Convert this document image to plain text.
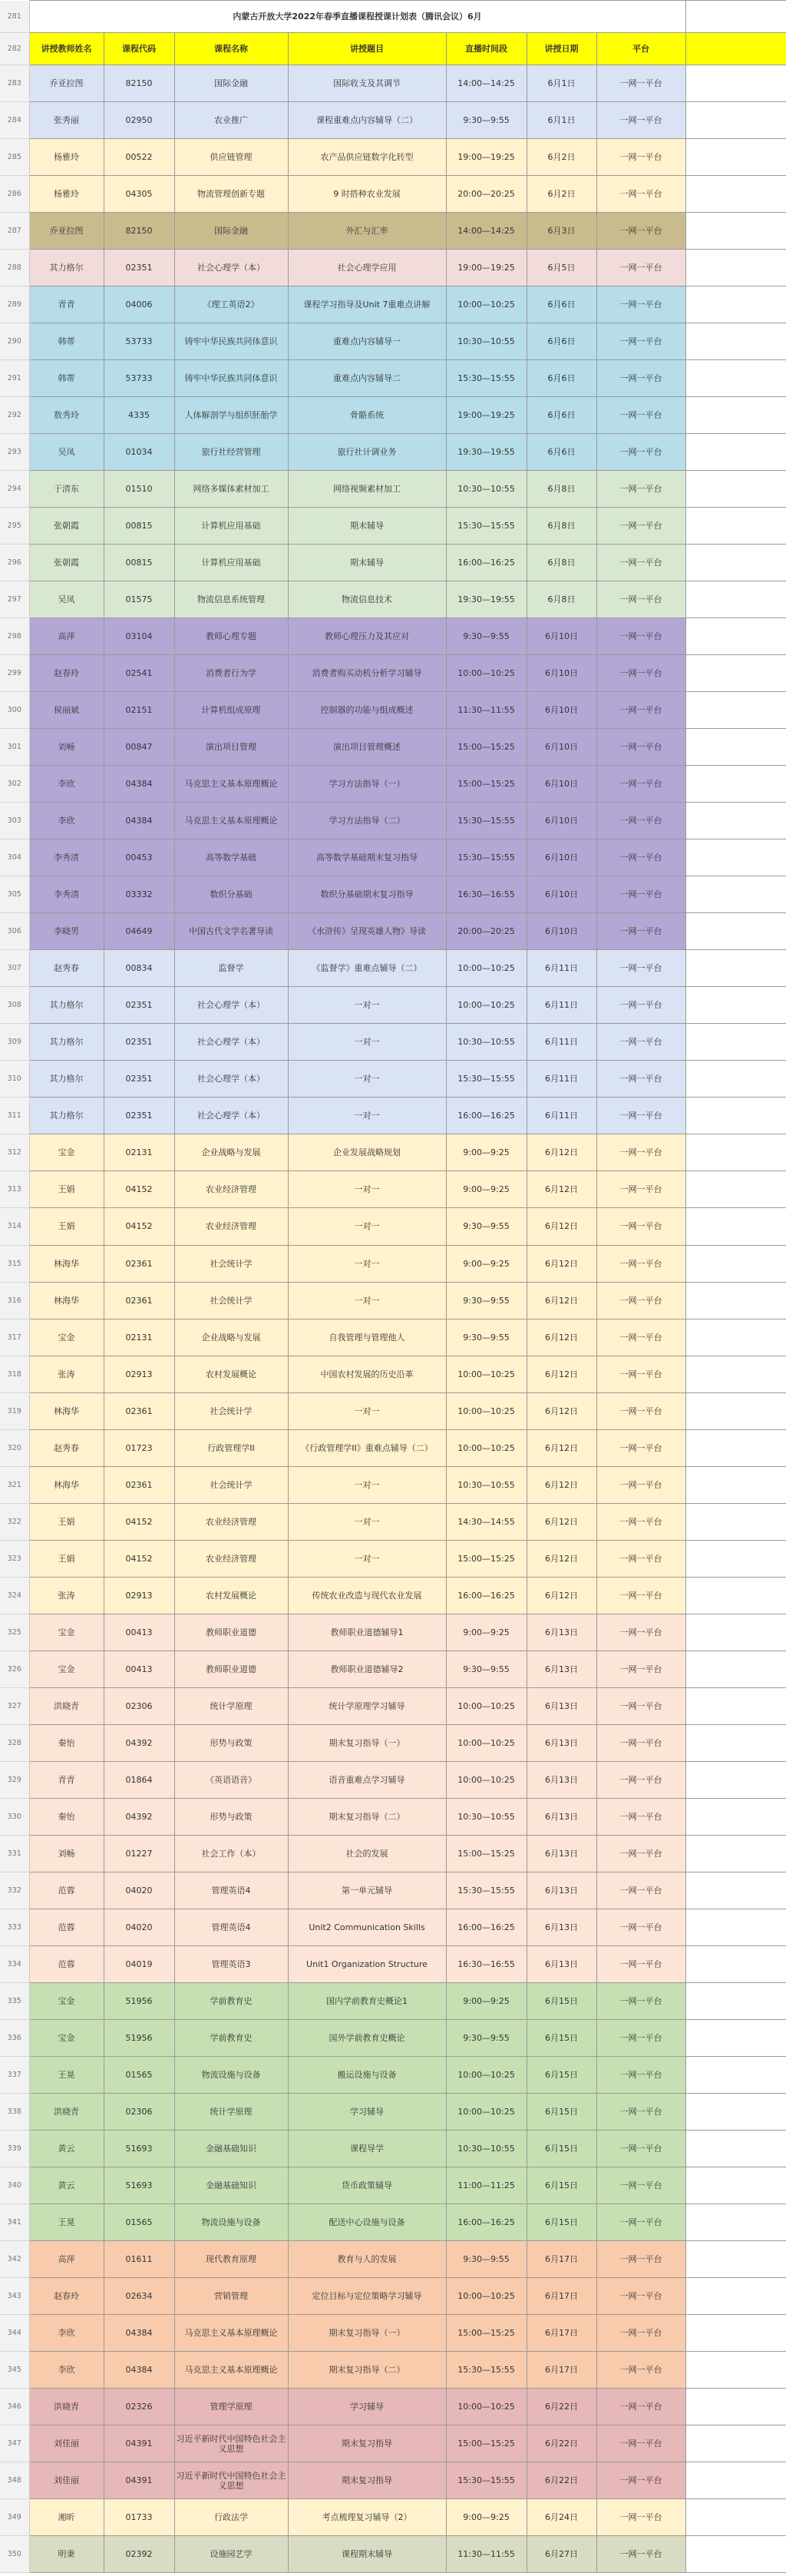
281	内蒙古开放大学2022年春季直播课程授课计划表（腾讯会议）6月							
282	讲授教师姓名	课程代码	课程名称	讲授题目	直播时间段	讲授日期	平台	
283	乔亚拉图	82150	国际金融	国际收支及其调节	14:00—14:25	6月1日	一网一平台	
284	张秀丽	02950	农业推广	课程重难点内容辅导（二）	9:30—9:55	6月1日	一网一平台	
285	杨雅玲	00522	供应链管理	农产品供应链数字化转型	19:00—19:25	6月2日	一网一平台	
286	杨雅玲	04305	物流管理创新专题	9 时搭种农业发展	20:00—20:25	6月2日	一网一平台	
287	乔亚拉图	82150	国际金融	外汇与汇率	14:00—14:25	6月3日	一网一平台	
288	其力格尔	02351	社会心理学（本）	社会心理学应用	19:00—19:25	6月5日	一网一平台	
289	青青	04006	《理工英语2》	课程学习指导及Unit 7重难点讲解	10:00—10:25	6月6日	一网一平台	
290	韩蒂	53733	铸牢中华民族共同体意识	重难点内容辅导一	10:30—10:55	6月6日	一网一平台	
291	韩蒂	53733	铸牢中华民族共同体意识	重难点内容辅导二	15:30—15:55	6月6日	一网一平台	
292	敖秀玲	4335	人体解剖学与组织胚胎学	骨骼系统	19:00—19:25	6月6日	一网一平台	
293	吴凤	01034	旅行社经营管理	旅行社计调业务	19:30—19:55	6月6日	一网一平台	
294	于清东	01510	网络多媒体素材加工	网络视频素材加工	10:30—10:55	6月8日	一网一平台	
295	张朝霞	00815	计算机应用基础	期末辅导	15:30—15:55	6月8日	一网一平台	
296	张朝霞	00815	计算机应用基础	期末辅导	16:00—16:25	6月8日	一网一平台	
297	吴凤	01575	物流信息系统管理	物流信息技术	19:30—19:55	6月8日	一网一平台	
298	高萍	03104	教师心理专题	教师心理压力及其应对	9:30—9:55	6月10日	一网一平台	
299	赵春玲	02541	消费者行为学	消费者购买动机分析学习辅导	10:00—10:25	6月10日	一网一平台	
300	侯丽斌	02151	计算机组成原理	控制器的功能与组成概述	11:30—11:55	6月10日	一网一平台	
301	刘畅	00847	演出项目管理	演出项目管理概述	15:00—15:25	6月10日	一网一平台	
302	李欣	04384	马克思主义基本原理概论	学习方法指导（一）	15:00—15:25	6月10日	一网一平台	
303	李欣	04384	马克思主义基本原理概论	学习方法指导（二）	15:30—15:55	6月10日	一网一平台	
304	李秀清	00453	高等数学基础	高等数学基础期末复习指导	15:30—15:55	6月10日	一网一平台	
305	李秀清	03332	数织分基础	数织分基础期末复习指导	16:30—16:55	6月10日	一网一平台	
306	李晓男	04649	中国古代文学名著导读	《水浒传》呈现英雄人物》导读	20:00—20:25	6月10日	一网一平台	
307	赵秀春	00834	监督学	《监督学》重难点辅导（二）	10:00—10:25	6月11日	一网一平台	
308	其力格尔	02351	社会心理学（本）	一对一	10:00—10:25	6月11日	一网一平台	
309	其力格尔	02351	社会心理学（本）	一对一	10:30—10:55	6月11日	一网一平台	
310	其力格尔	02351	社会心理学（本）	一对一	15:30—15:55	6月11日	一网一平台	
311	其力格尔	02351	社会心理学（本）	一对一	16:00—16:25	6月11日	一网一平台	
312	宝金	02131	企业战略与发展	企业发展战略规划	9:00—9:25	6月12日	一网一平台	
313	王娟	04152	农业经济管理	一对一	9:00—9:25	6月12日	一网一平台	
314	王娟	04152	农业经济管理	一对一	9:30—9:55	6月12日	一网一平台	
315	林海华	02361	社会统计学	一对一	9:00—9:25	6月12日	一网一平台	
316	林海华	02361	社会统计学	一对一	9:30—9:55	6月12日	一网一平台	
317	宝金	02131	企业战略与发展	自我管理与管理他人	9:30—9:55	6月12日	一网一平台	
318	张涛	02913	农村发展概论	中国农村发展的历史沿革	10:00—10:25	6月12日	一网一平台	
319	林海华	02361	社会统计学	一对一	10:00—10:25	6月12日	一网一平台	
320	赵秀春	01723	行政管理学II	《行政管理学II》重难点辅导（二）	10:00—10:25	6月12日	一网一平台	
321	林海华	02361	社会统计学	一对一	10:30—10:55	6月12日	一网一平台	
322	王娟	04152	农业经济管理	一对一	14:30—14:55	6月12日	一网一平台	
323	王娟	04152	农业经济管理	一对一	15:00—15:25	6月12日	一网一平台	
324	张涛	02913	农村发展概论	传统农业改造与现代农业发展	16:00—16:25	6月12日	一网一平台	
325	宝金	00413	教师职业道德	教师职业道德辅导1	9:00—9:25	6月13日	一网一平台	
326	宝金	00413	教师职业道德	教师职业道德辅导2	9:30—9:55	6月13日	一网一平台	
327	洪晓青	02306	统计学原理	统计学原理学习辅导	10:00—10:25	6月13日	一网一平台	
328	秦怡	04392	形势与政策	期末复习指导（一）	10:00—10:25	6月13日	一网一平台	
329	青青	01864	《英语语音》	语音重难点学习辅导	10:00—10:25	6月13日	一网一平台	
330	秦怡	04392	形势与政策	期末复习指导（二）	10:30—10:55	6月13日	一网一平台	
331	刘畅	01227	社会工作（本）	社会的发展	15:00—15:25	6月13日	一网一平台	
332	范蓉	04020	管理英语4	第一单元辅导	15:30—15:55	6月13日	一网一平台	
333	范蓉	04020	管理英语4	Unit2 Communication Skills	16:00—16:25	6月13日	一网一平台	
334	范蓉	04019	管理英语3	Unit1 Organization Structure	16:30—16:55	6月13日	一网一平台	
335	宝金	51956	学前教育史	国内学前教育史概论1	9:00—9:25	6月15日	一网一平台	
336	宝金	51956	学前教育史	国外学前教育史概论	9:30—9:55	6月15日	一网一平台	
337	王晃	01565	物流设施与设备	搬运设施与设备	10:00—10:25	6月15日	一网一平台	
338	洪晓青	02306	统计学原理	学习辅导	10:00—10:25	6月15日	一网一平台	
339	黄云	51693	金融基础知识	课程导学	10:30—10:55	6月15日	一网一平台	
340	黄云	51693	金融基础知识	货币政策辅导	11:00—11:25	6月15日	一网一平台	
341	王晃	01565	物流设施与设备	配送中心设施与设备	16:00—16:25	6月15日	一网一平台	
342	高萍	01611	现代教育原理	教育与人的发展	9:30—9:55	6月17日	一网一平台	
343	赵春玲	02634	营销管理	定位目标与定位策略学习辅导	10:00—10:25	6月17日	一网一平台	
344	李欣	04384	马克思主义基本原理概论	期末复习指导（一）	15:00—15:25	6月17日	一网一平台	
345	李欣	04384	马克思主义基本原理概论	期末复习指导（二）	15:30—15:55	6月17日	一网一平台	
346	洪晓青	02326	管理学原理	学习辅导	10:00—10:25	6月22日	一网一平台	
347	刘佳丽	04391	习近平新时代中国特色社会主义思想	期末复习指导	15:00—15:25	6月22日	一网一平台	
348	刘佳丽	04391	习近平新时代中国特色社会主义思想	期末复习指导	15:30—15:55	6月22日	一网一平台	
349	湘昕	01733	行政法学	考点梳理复习辅导（2）	9:00—9:25	6月24日	一网一平台	
350	明秉	02392	设施园艺学	课程期末辅导	11:30—11:55	6月27日	一网一平台	
